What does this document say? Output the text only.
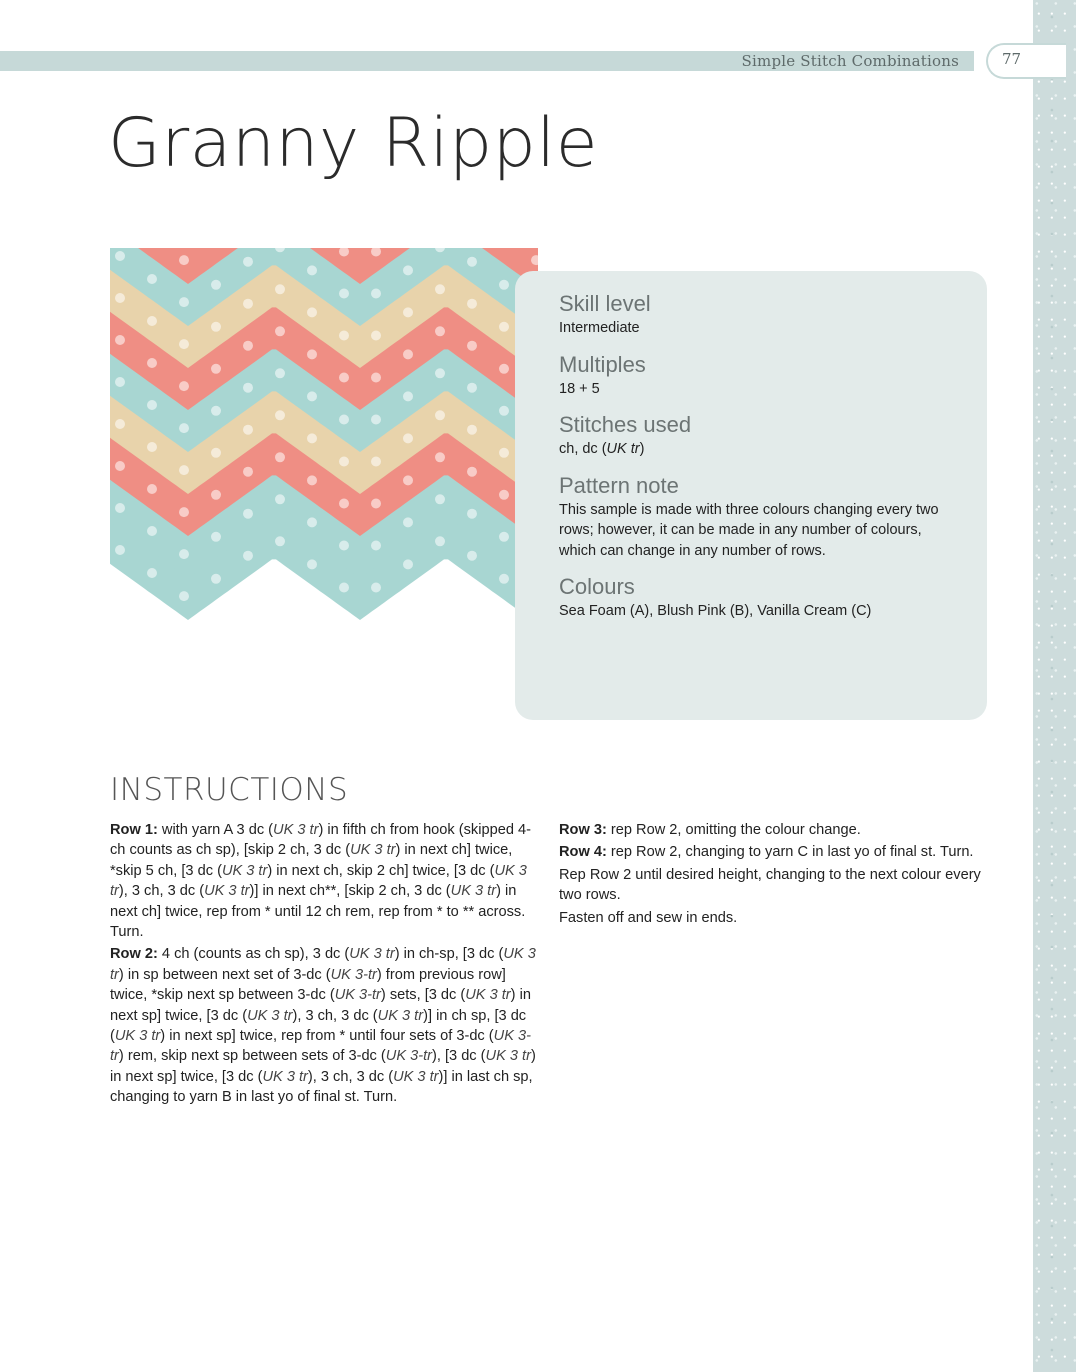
Simple Stitch Combinations	77
Granny Ripple
Skill level
Intermediate
Multiples
18 + 5
Stitches used
ch, dc (UK tr)
Pattern note
This sample is made with three colours changing every two rows; however, it can be made in any number of colours, which can change in any number of rows.
Colours
Sea Foam (A), Blush Pink (B), Vanilla Cream (C)
INSTRUCTIONS

Row 1: with yarn A 3 dc (UK 3 tr) in fifth ch from hook (skipped 4-ch counts as ch sp), [skip 2 ch, 3 dc (UK 3 tr) in next ch] twice, *skip 5 ch, [3 dc (UK 3 tr) in next ch, skip 2 ch] twice, [3 dc (UK 3 tr), 3 ch, 3 dc (UK 3 tr)] in next ch**, [skip 2 ch, 3 dc (UK 3 tr) in next ch] twice, rep from * until 12 ch rem, rep from * to ** across. Turn.

Row 2: 4 ch (counts as ch sp), 3 dc (UK 3 tr) in ch-sp, [3 dc (UK 3 tr) in sp between next set of 3-dc (UK 3-tr) from previous row] twice, *skip next sp between 3-dc (UK 3-tr) sets, [3 dc (UK 3 tr) in next sp] twice, [3 dc (UK 3 tr), 3 ch, 3 dc (UK 3 tr)] in ch sp, [3 dc (UK 3 tr) in next sp] twice, rep from * until four sets of 3-dc (UK 3-tr) rem, skip next sp between sets of 3-dc (UK 3-tr), [3 dc (UK 3 tr) in next sp] twice, [3 dc (UK 3 tr), 3 ch, 3 dc (UK 3 tr)] in last ch sp, changing to yarn B in last yo of final st. Turn.

Row 3: rep Row 2, omitting the colour change.

Row 4: rep Row 2, changing to yarn C in last yo of final st. Turn.

Rep Row 2 until desired height, changing to the next colour every two rows.

Fasten off and sew in ends.
